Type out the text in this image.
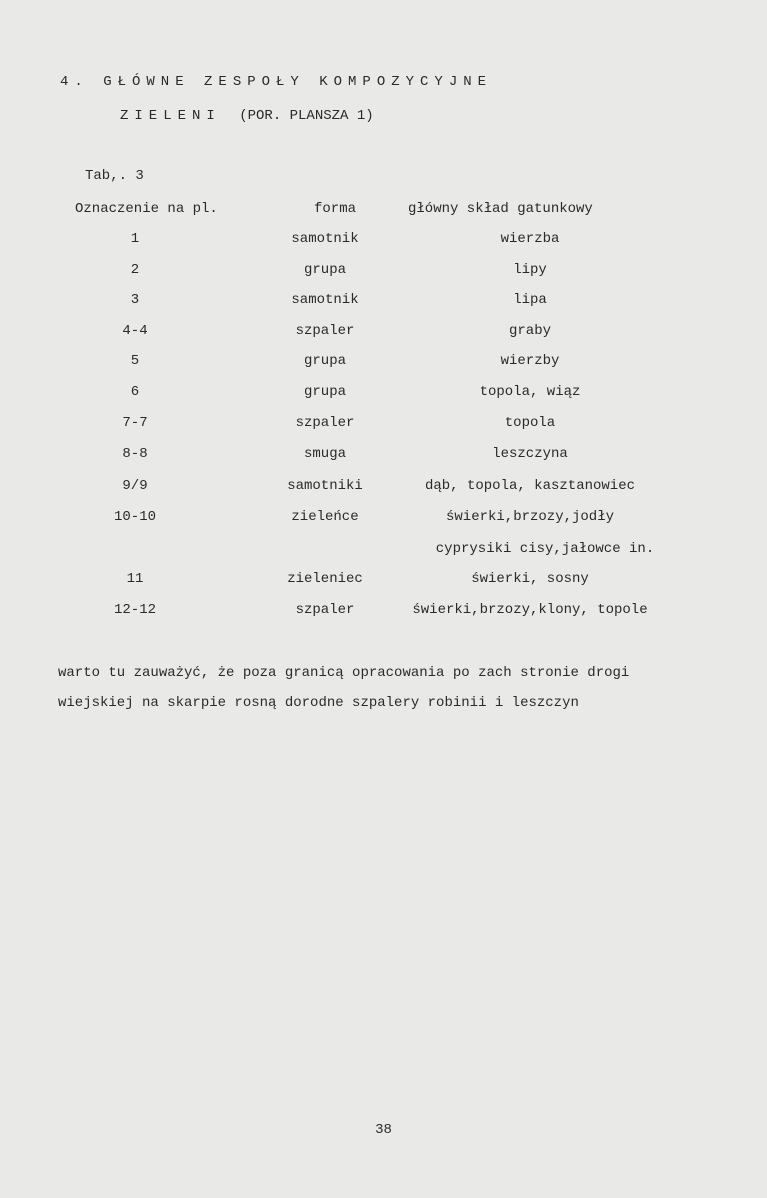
4. GŁÓWNE ZESPOŁY KOMPOZYCYJNE
ZIELENI (POR. PLANSZA 1)
Tab,. 3
Oznaczenie na pl.	forma	główny skład gatunkowy
1	samotnik	wierzba
2	grupa	lipy
3	samotnik	lipa
4-4	szpaler	graby
5	grupa	wierzby
6	grupa	topola, wiąz
7-7	szpaler	topola
8-8	smuga	leszczyna
9/9	samotniki	dąb, topola, kasztanowiec
10-10	zieleńce	świerki,brzozy,jodły
cyprysiki cisy,jałowce in.
11	zieleniec	świerki, sosny
12-12	szpaler	świerki,brzozy,klony, topole
warto tu zauważyć, że poza granicą opracowania po zach stronie drogi
wiejskiej na skarpie rosną dorodne szpalery robinii i leszczyn
38
